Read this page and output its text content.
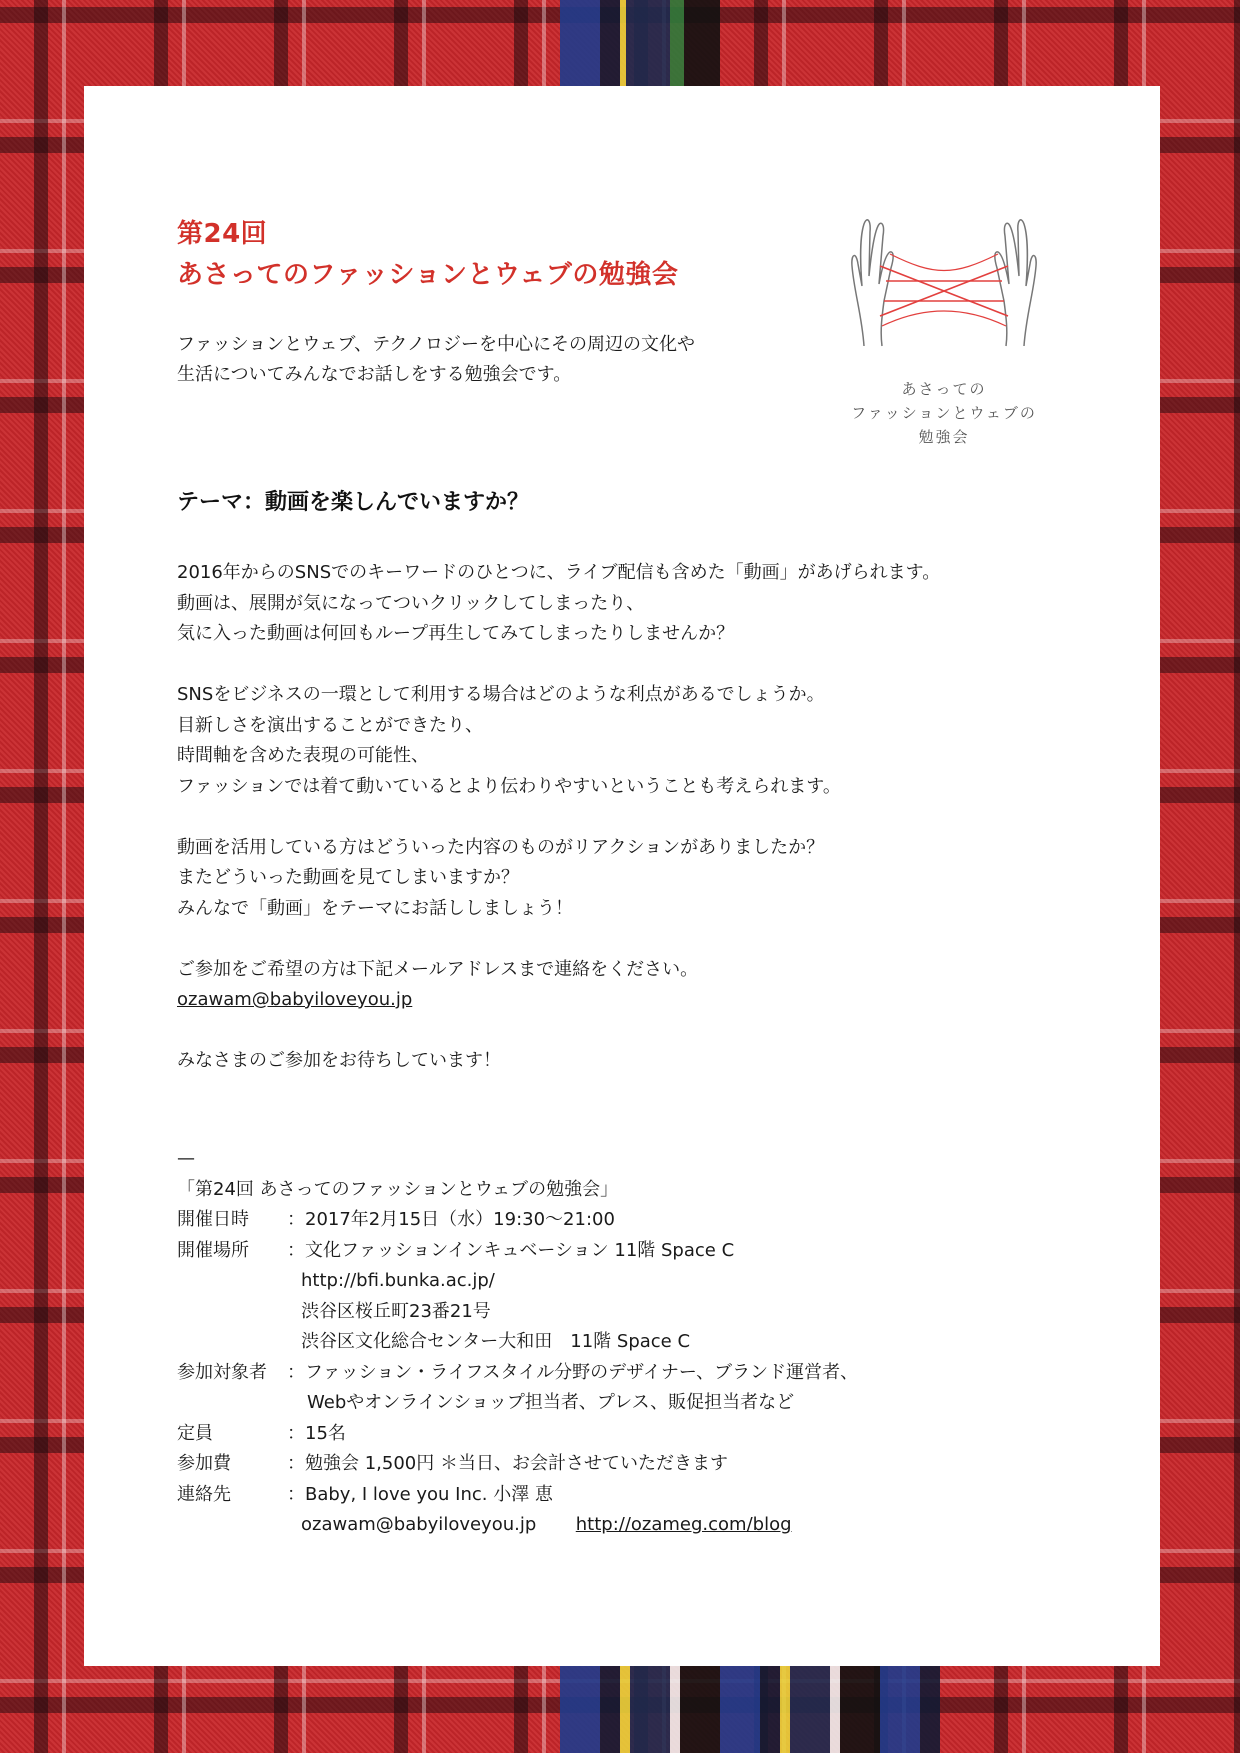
第24回
あさってのファッションとウェブの勉強会
ファッションとウェブ、テクノロジーを中心にその周辺の文化や
生活についてみんなでお話しをする勉強会です。
あさっての
ファッションとウェブの
勉強会
テーマ：動画を楽しんでいますか？

2016年からのSNSでのキーワードのひとつに、ライブ配信も含めた「動画」があげられます。
動画は、展開が気になってついクリックしてしまったり、
気に入った動画は何回もループ再生してみてしまったりしませんか？

SNSをビジネスの一環として利用する場合はどのような利点があるでしょうか。
目新しさを演出することができたり、
時間軸を含めた表現の可能性、
ファッションでは着て動いているとより伝わりやすいということも考えられます。

動画を活用している方はどういった内容のものがリアクションがありましたか？
またどういった動画を見てしまいますか？
みんなで「動画」をテーマにお話ししましょう！

ご参加をご希望の方は下記メールアドレスまで連絡をください。
ozawam@babyiloveyou.jp

みなさまのご参加をお待ちしています！

—
「第24回 あさってのファッションとウェブの勉強会」
開催日時	：2017年2月15日（水）19:30〜21:00
開催場所	：文化ファッションインキュベーション 11階 Space C
http://bfi.bunka.ac.jp/
渋谷区桜丘町23番21号
渋谷区文化総合センター大和田　11階 Space C
参加対象者	：ファッション・ライフスタイル分野のデザイナー、ブランド運営者、
Webやオンラインショップ担当者、プレス、販促担当者など
定員	：15名
参加費	：勉強会 1,500円 ＊当日、お会計させていただきます
連絡先	：Baby, I love you Inc. 小澤 恵
ozawam@babyiloveyou.jp http://ozameg.com/blog
